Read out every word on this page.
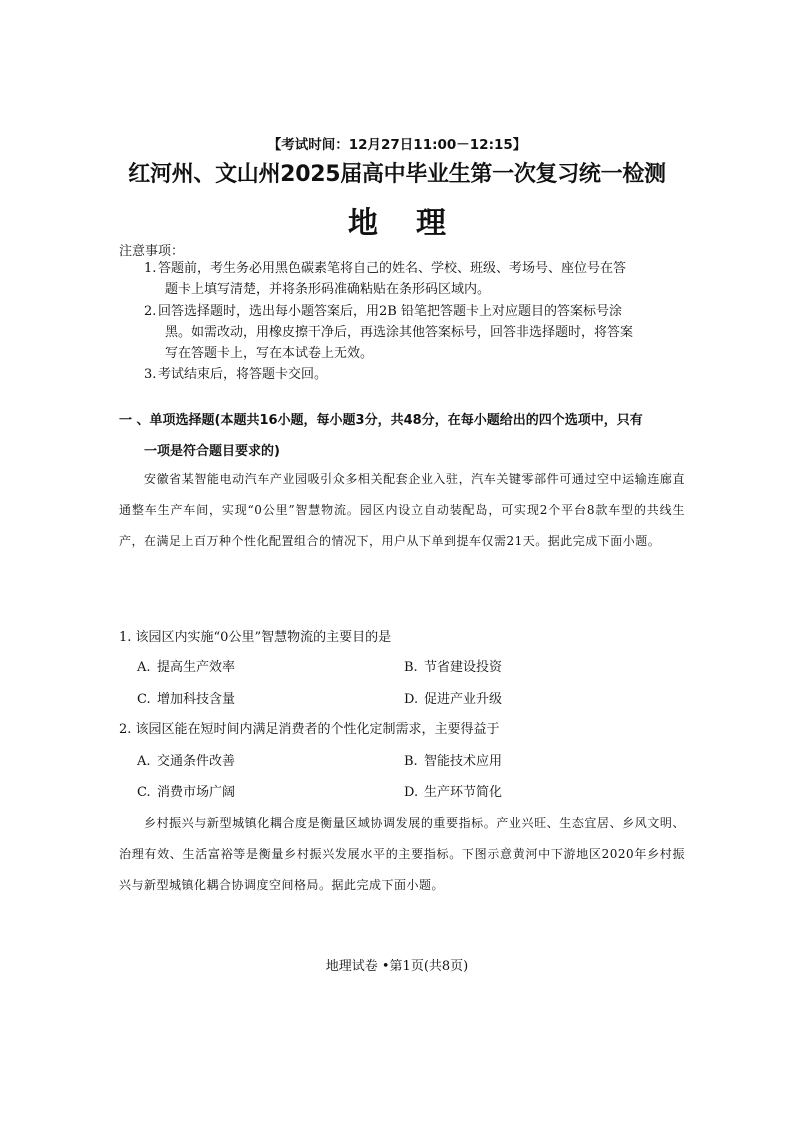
【考试时间：12月27日11:00－12:15】
红河州、文山州2025届高中毕业生第一次复习统一检测
地 理
注意事项：
1. 答题前，考生务必用黑色碳素笔将自己的姓名、学校、班级、考场号、座位号在答
题卡上填写清楚，并将条形码准确粘贴在条形码区域内。
2. 回答选择题时，选出每小题答案后，用2B 铅笔把答题卡上对应题目的答案标号涂
黑。如需改动，用橡皮擦干净后，再选涂其他答案标号，回答非选择题时，将答案
写在答题卡上，写在本试卷上无效。
3. 考试结束后，将答题卡交回。
一 、单项选择题(本题共16小题，每小题3分，共48分，在每小题给出的四个选项中，只有
一项是符合题目要求的)
安徽省某智能电动汽车产业园吸引众多相关配套企业入驻，汽车关键零部件可通过空中运输连廊直通整车生产车间，实现“0公里”智慧物流。园区内设立自动装配岛，可实现2个平台8款车型的共线生产，在满足上百万种个性化配置组合的情况下，用户从下单到提车仅需21天。据此完成下面小题。
1. 该园区内实施“0公里”智慧物流的主要目的是
A. 提高生产效率	B. 节省建设投资
C. 增加科技含量	D. 促进产业升级
2. 该园区能在短时间内满足消费者的个性化定制需求，主要得益于
A. 交通条件改善	B. 智能技术应用
C. 消费市场广阔	D. 生产环节简化
乡村振兴与新型城镇化耦合度是衡量区域协调发展的重要指标。产业兴旺、生态宜居、乡风文明、治理有效、生活富裕等是衡量乡村振兴发展水平的主要指标。下图示意黄河中下游地区2020年乡村振兴与新型城镇化耦合协调度空间格局。据此完成下面小题。
地理试卷 •第1页(共8页)
